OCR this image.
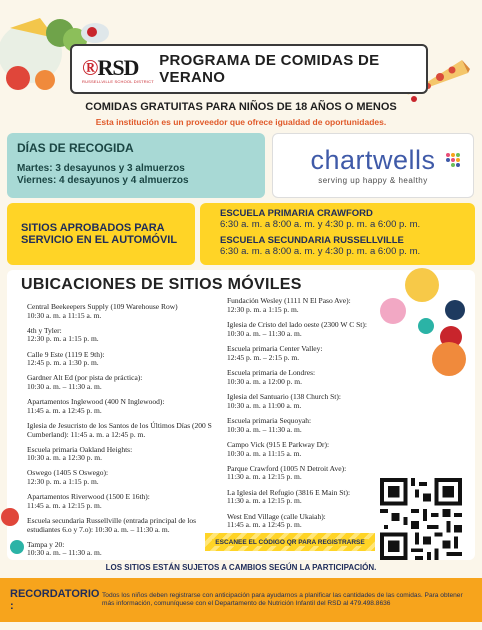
®RSD
RUSSELLVILLE SCHOOL DISTRICT
PROGRAMA DE COMIDAS DE VERANO
COMIDAS GRATUITAS PARA NIÑOS DE 18 AÑOS O MENOS
Esta institución es un proveedor que ofrece igualdad de oportunidades.
DÍAS DE RECOGIDA
Martes: 3 desayunos y 3 almuerzos
Viernes: 4 desayunos y 4 almuerzos
chartwells
serving up happy & healthy
SITIOS APROBADOS PARA SERVICIO EN EL AUTOMÓVIL
ESCUELA PRIMARIA CRAWFORD
6:30 a. m. a 8:00 a. m. y 4:30 p. m. a 6:00 p. m.
ESCUELA SECUNDARIA RUSSELLVILLE
6:30 a. m. a 8:00 a. m. y 4:30 p. m. a 6:00 p. m.
UBICACIONES DE SITIOS MÓVILES
Central Beekeepers Supply (109 Warehouse Row)
10:30 a. m. a 11:15 a. m.
4th y Tyler:
12:30 p. m. a 1:15 p. m.
Calle 9 Este (1119 E 9th):
12:45 p. m. a 1:30 p. m.
Gardner Alt Ed (por pista de práctica):
10:30 a. m. – 11:30 a. m.
Apartamentos Inglewood (400 N Inglewood):
11:45 a. m. a 12:45 p. m.
Iglesia de Jesucristo de los Santos de los Últimos Días (200 S Cumberland): 11:45 a. m. a 12:45 p. m.
Escuela primaria Oakland Heights:
10:30 a. m. a 12:30 p. m.
Oswego (1405 S Oswego):
12:30 p. m. a 1:15 p. m.
Apartamentos Riverwood (1500 E 16th):
11:45 a. m. a 12:15 p. m.
Escuela secundaria Russellville (entrada principal de los estudiantes 6.o y 7.o): 10:30 a. m. – 11:30 a. m.
Tampa y 20:
10:30 a. m. – 11:30 a. m.
Fundación Wesley (1111 N El Paso Ave):
12:30 p. m. a 1:15 p. m.
Iglesia de Cristo del lado oeste (2300 W C St):
10:30 a. m. – 11:30 a. m.
Escuela primaria Center Valley:
12:45 p. m. – 2:15 p. m.
Escuela primaria de Londres:
10:30 a. m. a 12:00 p. m.
Iglesia del Santuario (138 Church St):
10:30 a. m. a 11:00 a. m.
Escuela primaria Sequoyah:
10:30 a. m. – 11:30 a. m.
Campo Vick (915 E Parkway Dr):
10:30 a. m. a 11:15 a. m.
Parque Crawford (1005 N Detroit Ave):
11:30 a. m. a 12:15 p. m.
La Iglesia del Refugio (3816 E Main St):
11:30 a. m. a 12:15 p. m.
West End Village (calle Ukaiah):
11:45 a. m. a 12:45 p. m.
ESCANEE EL CÓDIGO QR PARA REGISTRARSE
LOS SITIOS ESTÁN SUJETOS A CAMBIOS SEGÚN LA PARTICIPACIÓN.
RECORDATORIO :
Todos los niños deben registrarse con anticipación para ayudarnos a planificar las cantidades de las comidas. Para obtener más información, comuníquese con el Departamento de Nutrición Infantil del RSD al 479.498.8636
